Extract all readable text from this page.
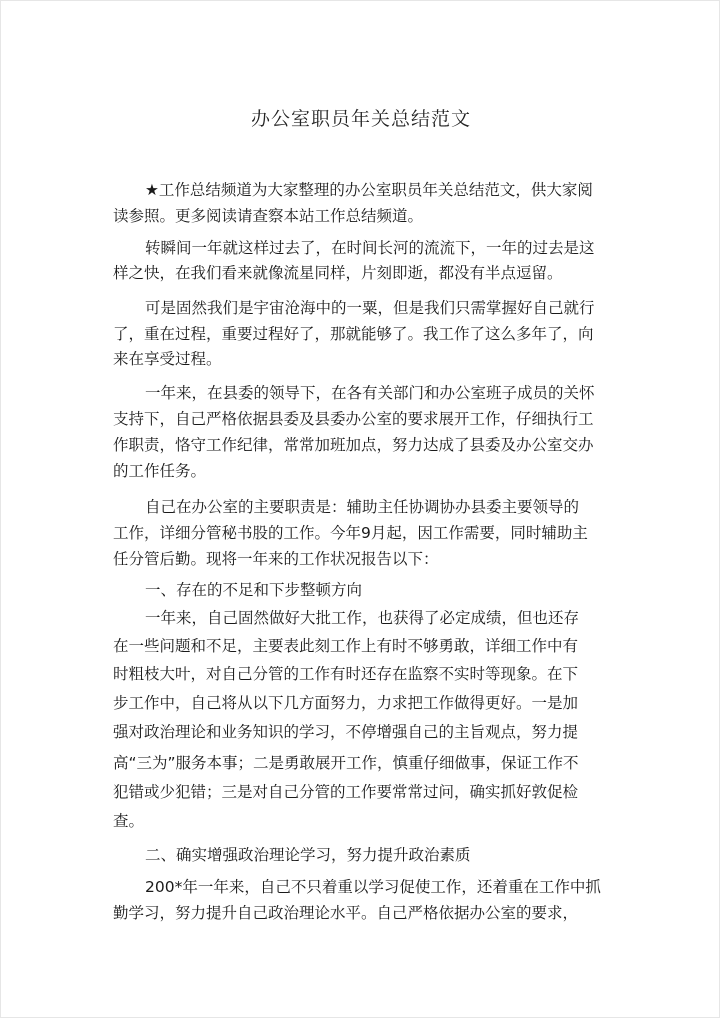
办公室职员年关总结范文
★工作总结频道为大家整理的办公室职员年关总结范文，供大家阅
读参照。更多阅读请查察本站工作总结频道。
转瞬间一年就这样过去了，在时间长河的流流下，一年的过去是这
样之快，在我们看来就像流星同样，片刻即逝，都没有半点逗留。
可是固然我们是宇宙沧海中的一粟，但是我们只需掌握好自己就行
了，重在过程，重要过程好了，那就能够了。我工作了这么多年了，向
来在享受过程。
一年来，在县委的领导下，在各有关部门和办公室班子成员的关怀
支持下，自己严格依据县委及县委办公室的要求展开工作，仔细执行工
作职责，恪守工作纪律，常常加班加点，努力达成了县委及办公室交办
的工作任务。
自己在办公室的主要职责是：辅助主任协调协办县委主要领导的
工作，详细分管秘书股的工作。今年9月起，因工作需要，同时辅助主
任分管后勤。现将一年来的工作状况报告以下：
一、存在的不足和下步整顿方向
一年来，自己固然做好大批工作，也获得了必定成绩，但也还存
在一些问题和不足，主要表此刻工作上有时不够勇敢，详细工作中有
时粗枝大叶，对自己分管的工作有时还存在监察不实时等现象。在下
步工作中，自己将从以下几方面努力，力求把工作做得更好。一是加
强对政治理论和业务知识的学习，不停增强自己的主旨观点，努力提
高“三为”服务本事；二是勇敢展开工作，慎重仔细做事，保证工作不
犯错或少犯错；三是对自己分管的工作要常常过问，确实抓好敦促检
查。
二、确实增强政治理论学习，努力提升政治素质
200*年一年来，自己不只着重以学习促使工作，还着重在工作中抓
勤学习，努力提升自己政治理论水平。自己严格依据办公室的要求，
